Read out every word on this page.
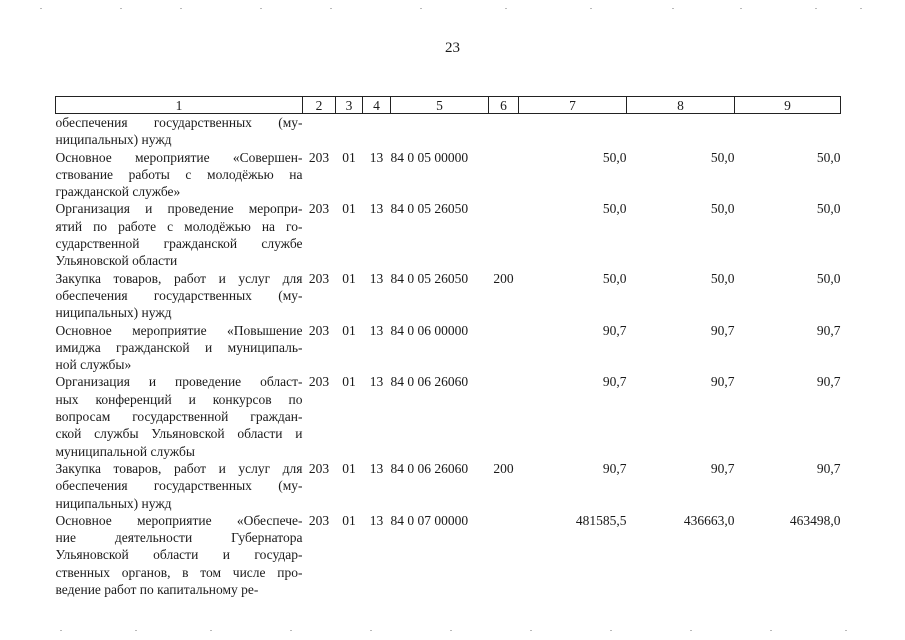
23
1	2	3	4	5	6	7	8	9

обеспечения государственных (му-
ниципальных) нужд								

Основное мероприятие «Совершен-
ствование работы с молодёжью на
гражданской службе»	203	01	13	84 0 05 00000		50,0	50,0	50,0

Организация и проведение меропри-
ятий по работе с молодёжью на го-
сударственной гражданской службе
Ульяновской области	203	01	13	84 0 05 26050		50,0	50,0	50,0

Закупка товаров, работ и услуг для
обеспечения государственных (му-
ниципальных) нужд	203	01	13	84 0 05 26050	200	50,0	50,0	50,0

Основное мероприятие «Повышение
имиджа гражданской и муниципаль-
ной службы»	203	01	13	84 0 06 00000		90,7	90,7	90,7

Организация и проведение област-
ных конференций и конкурсов по
вопросам государственной граждан-
ской службы Ульяновской области и
муниципальной службы	203	01	13	84 0 06 26060		90,7	90,7	90,7

Закупка товаров, работ и услуг для
обеспечения государственных (му-
ниципальных) нужд	203	01	13	84 0 06 26060	200	90,7	90,7	90,7

Основное мероприятие «Обеспече-
ние деятельности Губернатора
Ульяновской области и государ-
ственных органов, в том числе про-
ведение работ по капитальному ре-	203	01	13	84 0 07 00000		481585,5	436663,0	463498,0
